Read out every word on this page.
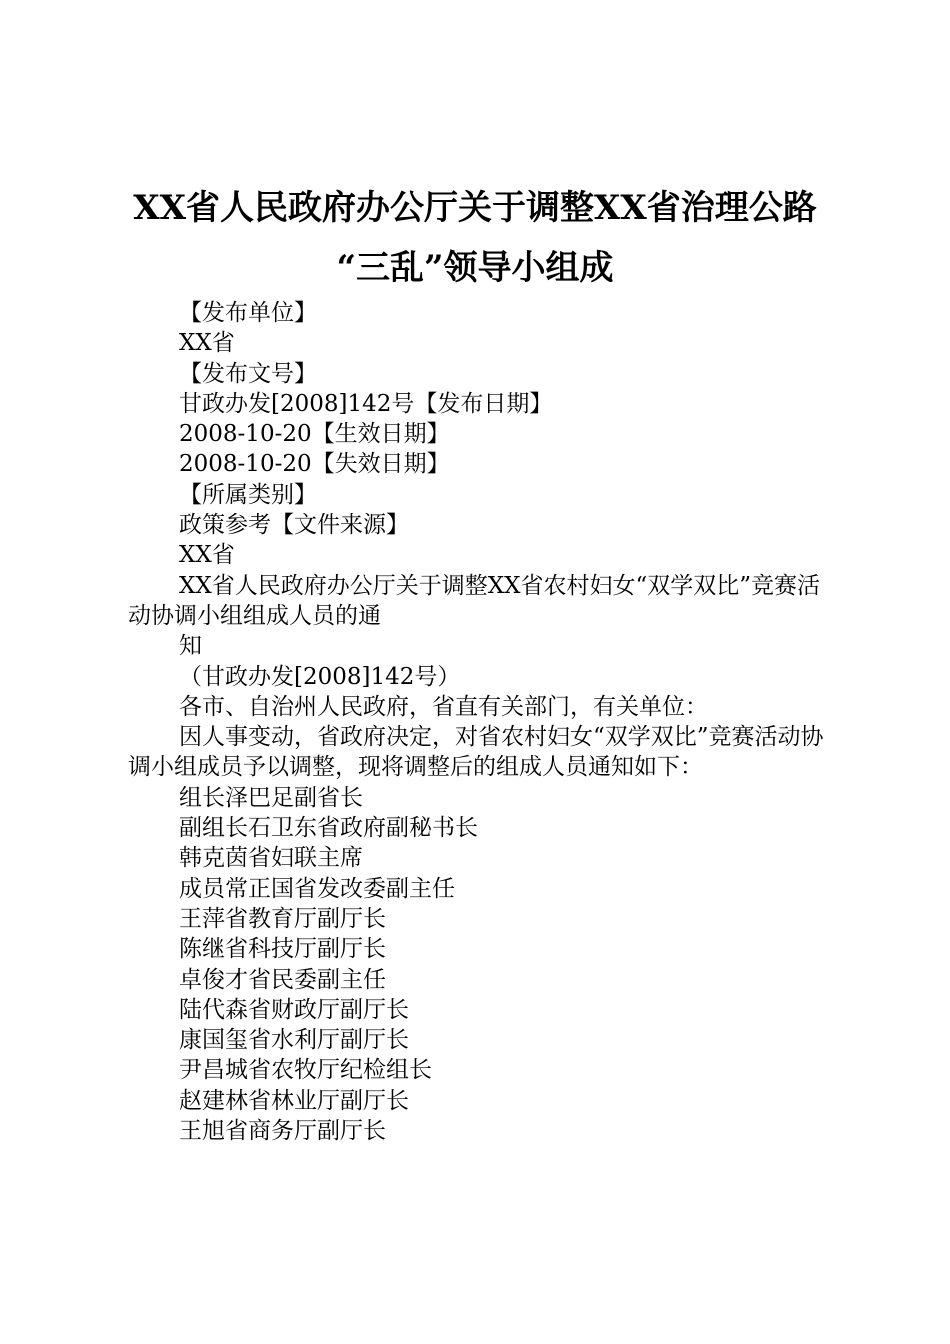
XX省人民政府办公厅关于调整XX省治理公路
“三乱”领导小组成

【发布单位】

XX省

【发布文号】

甘政办发[2008]142号【发布日期】

2008-10-20【生效日期】

2008-10-20【失效日期】

【所属类别】

政策参考【文件来源】

XX省

XX省人民政府办公厅关于调整XX省农村妇女“双学双比”竞赛活动协调小组组成人员的通

知

（甘政办发[2008]142号）

各市、自治州人民政府，省直有关部门，有关单位：

因人事变动，省政府决定，对省农村妇女“双学双比”竞赛活动协调小组成员予以调整，现将调整后的组成人员通知如下：

组长泽巴足副省长

副组长石卫东省政府副秘书长

韩克茵省妇联主席

成员常正国省发改委副主任

王萍省教育厅副厅长

陈继省科技厅副厅长

卓俊才省民委副主任

陆代森省财政厅副厅长

康国玺省水利厅副厅长

尹昌城省农牧厅纪检组长

赵建林省林业厅副厅长

王旭省商务厅副厅长
